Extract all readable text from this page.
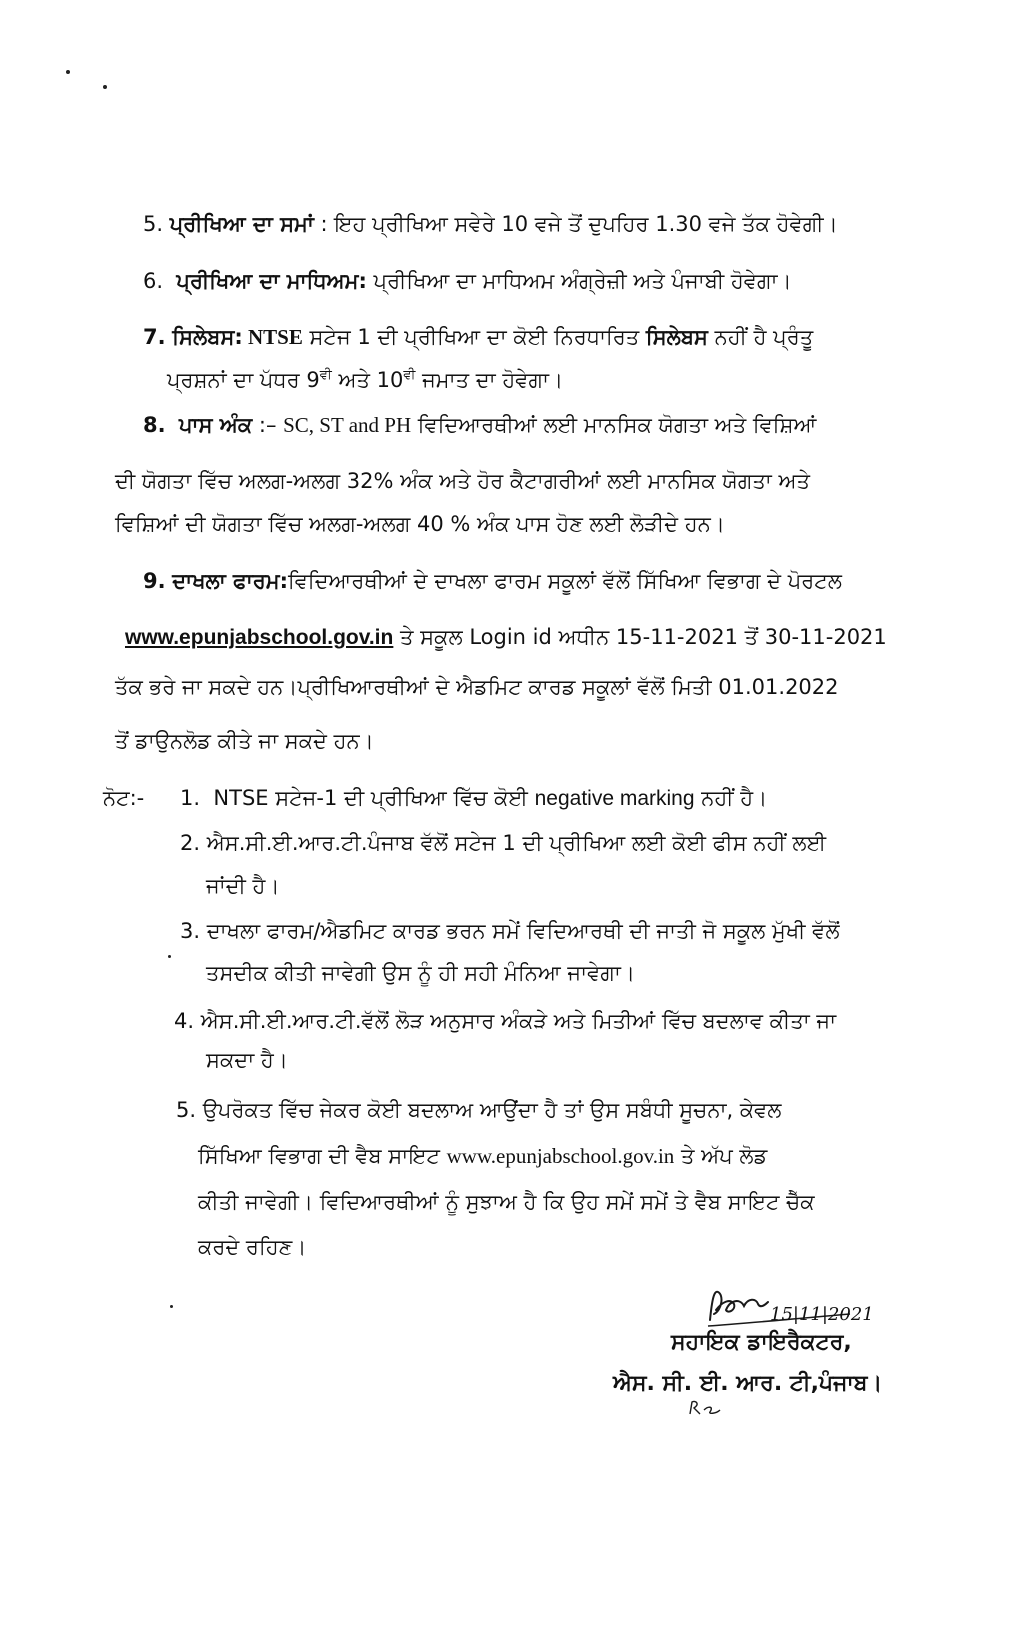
5. ਪ੍ਰੀਖਿਆ ਦਾ ਸਮਾਂ : ਇਹ ਪ੍ਰੀਖਿਆ ਸਵੇਰੇ 10 ਵਜੇ ਤੋਂ ਦੁਪਹਿਰ 1.30 ਵਜੇ ਤੱਕ ਹੋਵੇਗੀ।
6. ਪ੍ਰੀਖਿਆ ਦਾ ਮਾਧਿਅਮ: ਪ੍ਰੀਖਿਆ ਦਾ ਮਾਧਿਅਮ ਅੰਗ੍ਰੇਜ਼ੀ ਅਤੇ ਪੰਜਾਬੀ ਹੋਵੇਗਾ।
7. ਸਿਲੇਬਸ: NTSE ਸਟੇਜ 1 ਦੀ ਪ੍ਰੀਖਿਆ ਦਾ ਕੋਈ ਨਿਰਧਾਰਿਤ ਸਿਲੇਬਸ ਨਹੀਂ ਹੈ ਪ੍ਰੰਤੂ
ਪ੍ਰਸ਼ਨਾਂ ਦਾ ਪੱਧਰ $9^{ਵੀ}$ ਅਤੇ $10^{ਵੀ}$ ਜਮਾਤ ਦਾ ਹੋਵੇਗਾ।
8. ਪਾਸ ਅੰਕ :– SC, ST and PH ਵਿਦਿਆਰਥੀਆਂ ਲਈ ਮਾਨਸਿਕ ਯੋਗਤਾ ਅਤੇ ਵਿਸ਼ਿਆਂ
ਦੀ ਯੋਗਤਾ ਵਿੱਚ ਅਲਗ-ਅਲਗ 32% ਅੰਕ ਅਤੇ ਹੋਰ ਕੈਟਾਗਰੀਆਂ ਲਈ ਮਾਨਸਿਕ ਯੋਗਤਾ ਅਤੇ
ਵਿਸ਼ਿਆਂ ਦੀ ਯੋਗਤਾ ਵਿੱਚ ਅਲਗ-ਅਲਗ 40 % ਅੰਕ ਪਾਸ ਹੋਣ ਲਈ ਲੋੜੀਦੇ ਹਨ।
9. ਦਾਖਲਾ ਫਾਰਮ:ਵਿਦਿਆਰਥੀਆਂ ਦੇ ਦਾਖਲਾ ਫਾਰਮ ਸਕੂਲਾਂ ਵੱਲੋਂ ਸਿੱਖਿਆ ਵਿਭਾਗ ਦੇ ਪੋਰਟਲ
www.epunjabschool.gov.in ਤੇ ਸਕੂਲ Login id ਅਧੀਨ 15-11-2021 ਤੋਂ 30-11-2021
ਤੱਕ ਭਰੇ ਜਾ ਸਕਦੇ ਹਨ।ਪ੍ਰੀਖਿਆਰਥੀਆਂ ਦੇ ਐਡਮਿਟ ਕਾਰਡ ਸਕੂਲਾਂ ਵੱਲੋਂ ਮਿਤੀ 01.01.2022
ਤੋਂ ਡਾਉਨਲੋਡ ਕੀਤੇ ਜਾ ਸਕਦੇ ਹਨ।
ਨੋਟ:- 1. NTSE ਸਟੇਜ-1 ਦੀ ਪ੍ਰੀਖਿਆ ਵਿੱਚ ਕੋਈ negative marking ਨਹੀਂ ਹੈ।
2. ਐਸ.ਸੀ.ਈ.ਆਰ.ਟੀ.ਪੰਜਾਬ ਵੱਲੋਂ ਸਟੇਜ 1 ਦੀ ਪ੍ਰੀਖਿਆ ਲਈ ਕੋਈ ਫੀਸ ਨਹੀਂ ਲਈ
ਜਾਂਦੀ ਹੈ।
3. ਦਾਖਲਾ ਫਾਰਮ/ਐਡਮਿਟ ਕਾਰਡ ਭਰਨ ਸਮੇਂ ਵਿਦਿਆਰਥੀ ਦੀ ਜਾਤੀ ਜੋ ਸਕੂਲ ਮੁੱਖੀ ਵੱਲੋਂ
ਤਸਦੀਕ ਕੀਤੀ ਜਾਵੇਗੀ ਉਸ ਨੂੰ ਹੀ ਸਹੀ ਮੰਨਿਆ ਜਾਵੇਗਾ।
4. ਐਸ.ਸੀ.ਈ.ਆਰ.ਟੀ.ਵੱਲੋਂ ਲੋੜ ਅਨੁਸਾਰ ਅੰਕੜੇ ਅਤੇ ਮਿਤੀਆਂ ਵਿੱਚ ਬਦਲਾਵ ਕੀਤਾ ਜਾ
ਸਕਦਾ ਹੈ।
5. ਉਪਰੋਕਤ ਵਿੱਚ ਜੇਕਰ ਕੋਈ ਬਦਲਾਅ ਆਉਂਦਾ ਹੈ ਤਾਂ ਉਸ ਸਬੰਧੀ ਸੂਚਨਾ, ਕੇਵਲ
ਸਿੱਖਿਆ ਵਿਭਾਗ ਦੀ ਵੈਬ ਸਾਇਟ www.epunjabschool.gov.in ਤੇ ਅੱਪ ਲੋਡ
ਕੀਤੀ ਜਾਵੇਗੀ। ਵਿਦਿਆਰਥੀਆਂ ਨੂੰ ਸੁਝਾਅ ਹੈ ਕਿ ਉਹ ਸਮੇਂ ਸਮੇਂ ਤੇ ਵੈਬ ਸਾਇਟ ਚੈੱਕ
ਕਰਦੇ ਰਹਿਣ।
15|11|2021
ਸਹਾਇਕ ਡਾਇਰੈਕਟਰ,
ਐਸ. ਸੀ. ਈ. ਆਰ. ਟੀ,ਪੰਜਾਬ।
